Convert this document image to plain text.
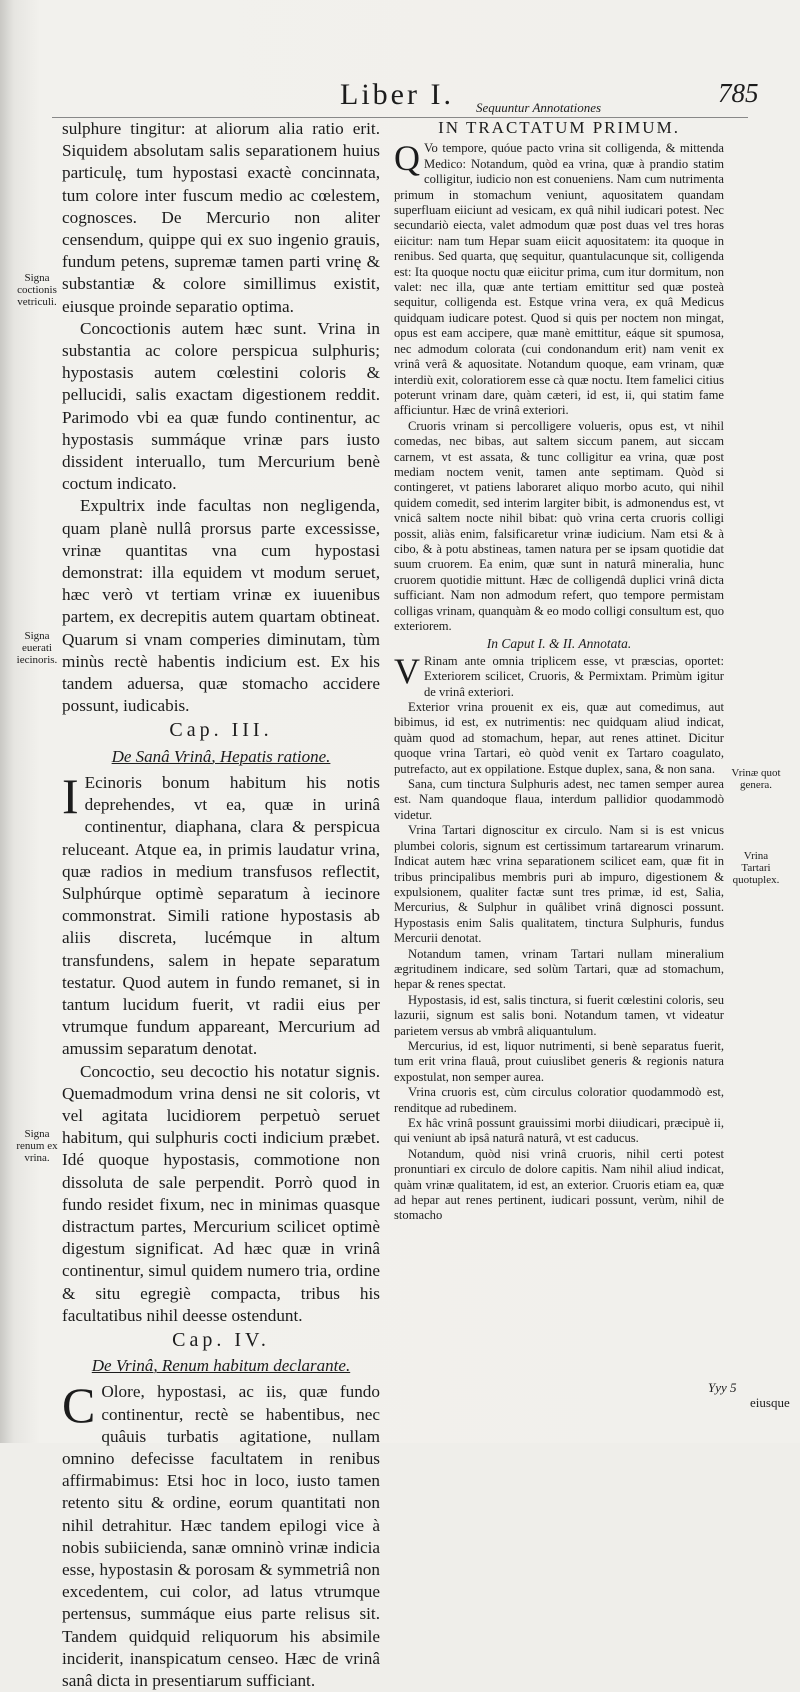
Liber I. Sequuntur Annotationes	785

sulphure tingitur: at aliorum alia ratio erit. Siquidem absolutam salis separationem huius particulę, tum hypostasi exactè concinnata, tum colore inter fuscum medio ac cœlestem, cognosces. De Mercurio non aliter censendum, quippe qui ex suo ingenio grauis, fundum petens, supremæ tamen parti vrinę & substantiæ & colore simillimus existit, eiusque proinde separatio optima.

Concoctionis autem hæc sunt. Vrina in substantia ac colore perspicua sulphuris; hypostasis autem cœlestini coloris & pellucidi, salis exactam digestionem reddit. Parimodo vbi ea quæ fundo continentur, ac hypostasis summáque vrinæ pars iusto dissident interuallo, tum Mercurium benè coctum indicato.

Expultrix inde facultas non negligenda, quam planè nullâ prorsus parte excessisse, vrinæ quantitas vna cum hypostasi demonstrat: illa equidem vt modum seruet, hæc verò vt tertiam vrinæ ex iuuenibus partem, ex decrepitis autem quartam obtineat. Quarum si vnam comperies diminutam, tùm minùs rectè habentis indicium est. Ex his tandem aduersa, quæ stomacho accidere possunt, iudicabis.

Cap. III.
De Sanâ Vrinâ, Hepatis ratione.

I Ecinoris bonum habitum his notis deprehendes, vt ea, quæ in urinâ continentur, diaphana, clara & perspicua reluceant. Atque ea, in primis laudatur vrina, quæ radios in medium transfusos reflectit, Sulphúrque optimè separatum à iecinore commonstrat. Simili ratione hypostasis ab aliis discreta, lucémque in altum transfundens, salem in hepate separatum testatur. Quod autem in fundo remanet, si in tantum lucidum fuerit, vt radii eius per vtrumque fundum appareant, Mercurium ad amussim separatum denotat.

Concoctio, seu decoctio his notatur signis. Quemadmodum vrina densi ne sit coloris, vt vel agitata lucidiorem perpetuò seruet habitum, qui sulphuris cocti indicium præbet. Idé quoque hypostasis, commotione non dissoluta de sale perpendit. Porrò quod in fundo residet fixum, nec in minimas quasque distractum partes, Mercurium scilicet optimè digestum significat. Ad hæc quæ in vrinâ continentur, simul quidem numero tria, ordine & situ egregiè compacta, tribus his facultatibus nihil deesse ostendunt.

Cap. IV.
De Vrinâ, Renum habitum declarante.

C Olore, hypostasi, ac iis, quæ fundo continentur, rectè se habentibus, nec quâuis turbatis agitatione, nullam omnino defecisse facultatem in renibus affirmabimus: Etsi hoc in loco, iusto tamen retento situ & ordine, eorum quantitati non nihil detrahitur. Hæc tandem epilogi vice à nobis subiicienda, sanæ omninò vrinæ indicia esse, hypostasin & porosam & symmetriâ non excedentem, cui color, ad latus vtrumque pertensus, summáque eius parte relisus sit. Tandem quidquid reliquorum his absimile inciderit, inanspicatum censeo. Hæc de vrinâ sanâ dicta in presentiarum sufficiant.

IN TRACTATUM PRIMUM.

Q Vo tempore, quóue pacto vrina sit colligenda, & mittenda Medico: Notandum, quòd ea vrina, quæ à prandio statim colligitur, iudicio non est conueniens. Nam cum nutrimenta primum in stomachum veniunt, aquositatem quandam superfluam eiiciunt ad vesicam, ex quâ nihil iudicari potest. Nec secundariò eiecta, valet admodum quæ post duas vel tres horas eiicitur: nam tum Hepar suam eiicit aquositatem: ita quoque in renibus. Sed quarta, quę sequitur, quantulacunque sit, colligenda est: Ita quoque noctu quæ eiicitur prima, cum itur dormitum, non valet: nec illa, quæ ante tertiam emittitur sed quæ posteà sequitur, colligenda est. Estque vrina vera, ex quâ Medicus quidquam iudicare potest. Quod si quis per noctem non mingat, opus est eam accipere, quæ manè emittitur, eáque sit spumosa, nec admodum colorata (cui condonandum erit) nam venit ex vrinâ verâ & aquositate. Notandum quoque, eam vrinam, quæ interdiù exit, coloratiorem esse cà quæ noctu. Item famelici citius poterunt vrinam dare, quàm cæteri, id est, ii, qui statim fame afficiuntur. Hæc de vrinâ exteriori.

Cruoris vrinam si percolligere volueris, opus est, vt nihil comedas, nec bibas, aut saltem siccum panem, aut siccam carnem, vt est assata, & tunc colligitur ea vrina, quæ post mediam noctem venit, tamen ante septimam. Quòd si contingeret, vt patiens laboraret aliquo morbo acuto, qui nihil quidem comedit, sed interim largiter bibit, is admonendus est, vt vnicâ saltem nocte nihil bibat: quò vrina certa cruoris colligi possit, aliàs enim, falsificaretur vrinæ iudicium. Nam etsi & à cibo, & à potu abstineas, tamen natura per se ipsam quotidie dat suum cruorem. Ea enim, quæ sunt in naturâ mineralia, hunc cruorem quotidie mittunt. Hæc de colligendâ duplici vrinâ dicta sufficiant. Nam non admodum refert, quo tempore permistam colligas vrinam, quanquàm & eo modo colligi consultum est, quo exteriorem.

In Caput I. & II. Annotata.

V Rinam ante omnia triplicem esse, vt præscias, oportet: Exteriorem scilicet, Cruoris, & Permixtam. Primùm igitur de vrinâ exteriori.

Exterior vrina prouenit ex eis, quæ aut comedimus, aut bibimus, id est, ex nutrimentis: nec quidquam aliud indicat, quàm quod ad stomachum, hepar, aut renes attinet. Dicitur quoque vrina Tartari, eò quòd venit ex Tartaro coagulato, putrefacto, aut ex oppilatione. Estque duplex, sana, & non sana.

Sana, cum tinctura Sulphuris adest, nec tamen semper aurea est. Nam quandoque flaua, interdum pallidior quodammodò videtur.

Vrina Tartari dignoscitur ex circulo. Nam si is est vnicus plumbei coloris, signum est certissimum tartarearum vrinarum. Indicat autem hæc vrina separationem scilicet eam, quæ fit in tribus principalibus membris puri ab impuro, digestionem & expulsionem, qualiter factæ sunt tres primæ, id est, Salia, Mercurius, & Sulphur in quâlibet vrinâ dignosci possunt. Hypostasis enim Salis qualitatem, tinctura Sulphuris, fundus Mercurii denotat.

Notandum tamen, vrinam Tartari nullam mineralium ægritudinem indicare, sed solùm Tartari, quæ ad stomachum, hepar & renes spectat.

Hypostasis, id est, salis tinctura, si fuerit cœlestini coloris, seu lazurii, signum est salis boni. Notandum tamen, vt videatur parietem versus ab vmbrâ aliquantulum.

Mercurius, id est, liquor nutrimenti, si benè separatus fuerit, tum erit vrina flauâ, prout cuiuslibet generis & regionis natura expostulat, non semper aurea.

Vrina cruoris est, cùm circulus coloratior quodammodò est, renditque ad rubedinem.

Ex hâc vrinâ possunt grauissimi morbi diiudicari, præcipuè ii, qui veniunt ab ipsâ naturâ naturâ, vt est caducus.

Notandum, quòd nisi vrinâ cruoris, nihil certi potest pronuntiari ex circulo de dolore capitis. Nam nihil aliud indicat, quàm vrinæ qualitatem, id est, an exterior. Cruoris etiam ea, quæ ad hepar aut renes pertinent, iudicari possunt, verùm, nihil de stomacho

Signa coctionis vetriculi.
Signa euerati iecinoris.
Signa renum ex vrina.
Vrinæ quot genera.
Vrina Tartari quotuplex.
Yyy 5
eiusque
